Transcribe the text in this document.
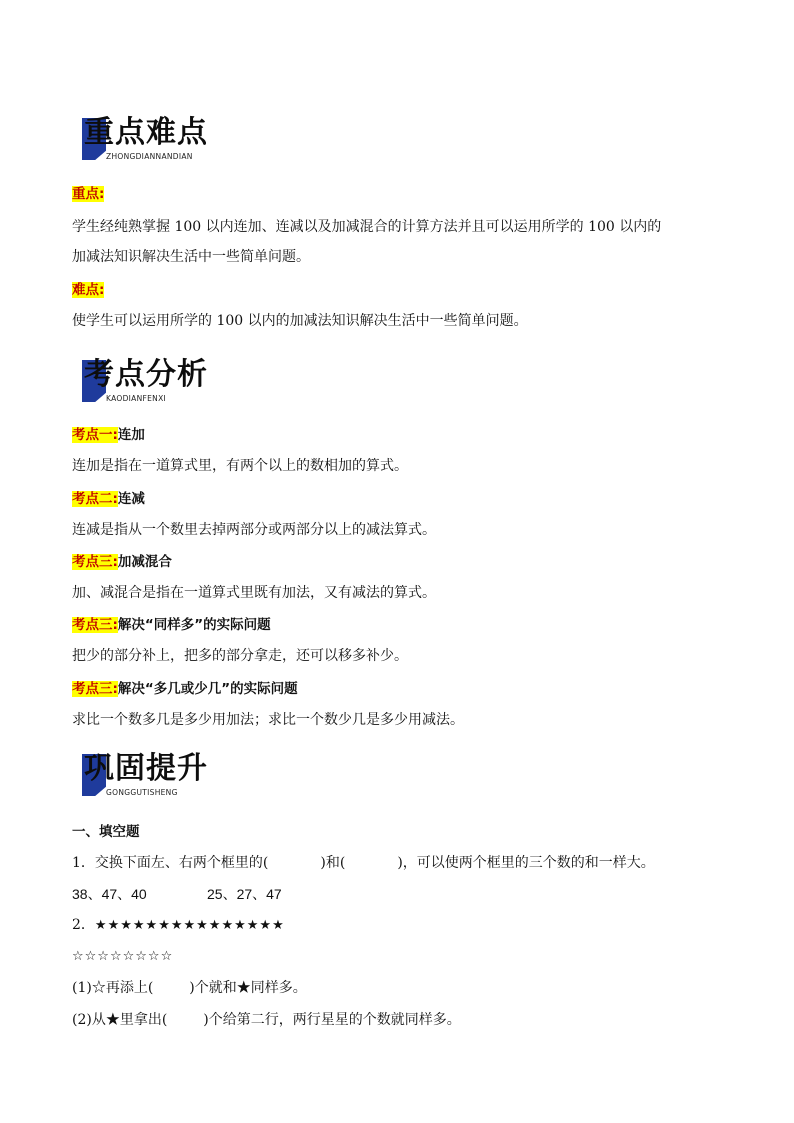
重点难点
ZHONGDIANNANDIAN
重点:
学生经纯熟掌握 100 以内连加、连减以及加减混合的计算方法并且可以运用所学的 100 以内的
加减法知识解决生活中一些简单问题。
难点:
使学生可以运用所学的 100 以内的加减法知识解决生活中一些简单问题。
考点分析
KAODIANFENXI
考点一:连加
连加是指在一道算式里，有两个以上的数相加的算式。
考点二:连减
连减是指从一个数里去掉两部分或两部分以上的减法算式。
考点三:加减混合
加、减混合是指在一道算式里既有加法，又有减法的算式。
考点三:解决“同样多”的实际问题
把少的部分补上，把多的部分拿走，还可以移多补少。
考点三:解决“多几或少几”的实际问题
求比一个数多几是多少用加法；求比一个数少几是多少用减法。
巩固提升
GONGGUTISHENG
一、填空题
1．交换下面左、右两个框里的(	)和(	)，可以使两个框里的三个数的和一样大。
38、47、40	25、27、47
2．★★★★★★★★★★★★★★★
☆☆☆☆☆☆☆☆
(1)☆再添上(	)个就和★同样多。
(2)从★里拿出(	)个给第二行，两行星星的个数就同样多。
